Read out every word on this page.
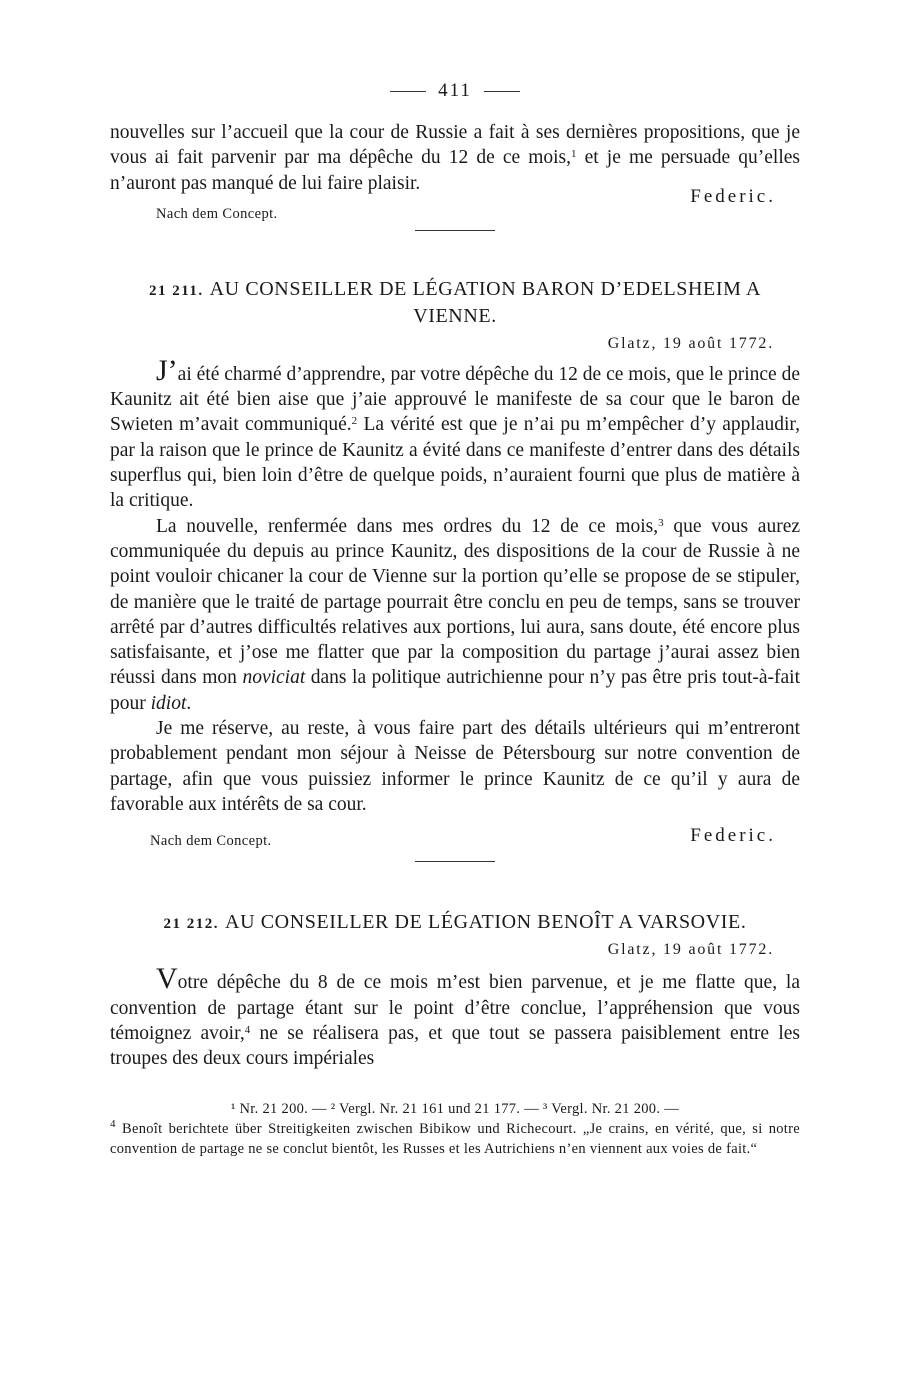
411

nouvelles sur l’accueil que la cour de Russie a fait à ses dernières propositions, que je vous ai fait parvenir par ma dépêche du 12 de ce mois,$^1$ et je me persuade qu’elles n’auront pas manqué de lui faire plaisir.

Nach dem Concept.
Federic.
21 211. AU CONSEILLER DE LÉGATION BARON D’EDELSHEIM A VIENNE.
Glatz, 19 août 1772.

J’ai été charmé d’apprendre, par votre dépêche du 12 de ce mois, que le prince de Kaunitz ait été bien aise que j’aie approuvé le manifeste de sa cour que le baron de Swieten m’avait communiqué.$^2$ La vérité est que je n’ai pu m’empêcher d’y applaudir, par la raison que le prince de Kaunitz a évité dans ce manifeste d’entrer dans des détails superflus qui, bien loin d’être de quelque poids, n’auraient fourni que plus de matière à la critique.

La nouvelle, renfermée dans mes ordres du 12 de ce mois,$^3$ que vous aurez communiquée du depuis au prince Kaunitz, des dispositions de la cour de Russie à ne point vouloir chicaner la cour de Vienne sur la portion qu’elle se propose de se stipuler, de manière que le traité de partage pourrait être conclu en peu de temps, sans se trouver arrêté par d’autres difficultés relatives aux portions, lui aura, sans doute, été encore plus satisfaisante, et j’ose me flatter que par la composition du partage j’aurai assez bien réussi dans mon noviciat dans la politique autrichienne pour n’y pas être pris tout-à-fait pour idiot.

Je me réserve, au reste, à vous faire part des détails ultérieurs qui m’entreront probablement pendant mon séjour à Neisse de Pétersbourg sur notre convention de partage, afin que vous puissiez informer le prince Kaunitz de ce qu’il y aura de favorable aux intérêts de sa cour.

Nach dem Concept.	Federic.
21 212. AU CONSEILLER DE LÉGATION BENOÎT A VARSOVIE.
Glatz, 19 août 1772.

Votre dépêche du 8 de ce mois m’est bien parvenue, et je me flatte que, la convention de partage étant sur le point d’être conclue, l’appréhension que vous témoignez avoir,$^4$ ne se réalisera pas, et que tout se passera paisiblement entre les troupes des deux cours impériales

¹ Nr. 21 200. — ² Vergl. Nr. 21 161 und 21 177. — ³ Vergl. Nr. 21 200. —

$^4$ Benoît berichtete über Streitigkeiten zwischen Bibikow und Richecourt. „Je crains, en vérité, que, si notre convention de partage ne se conclut bientôt, les Russes et les Autrichiens n’en viennent aux voies de fait.“
